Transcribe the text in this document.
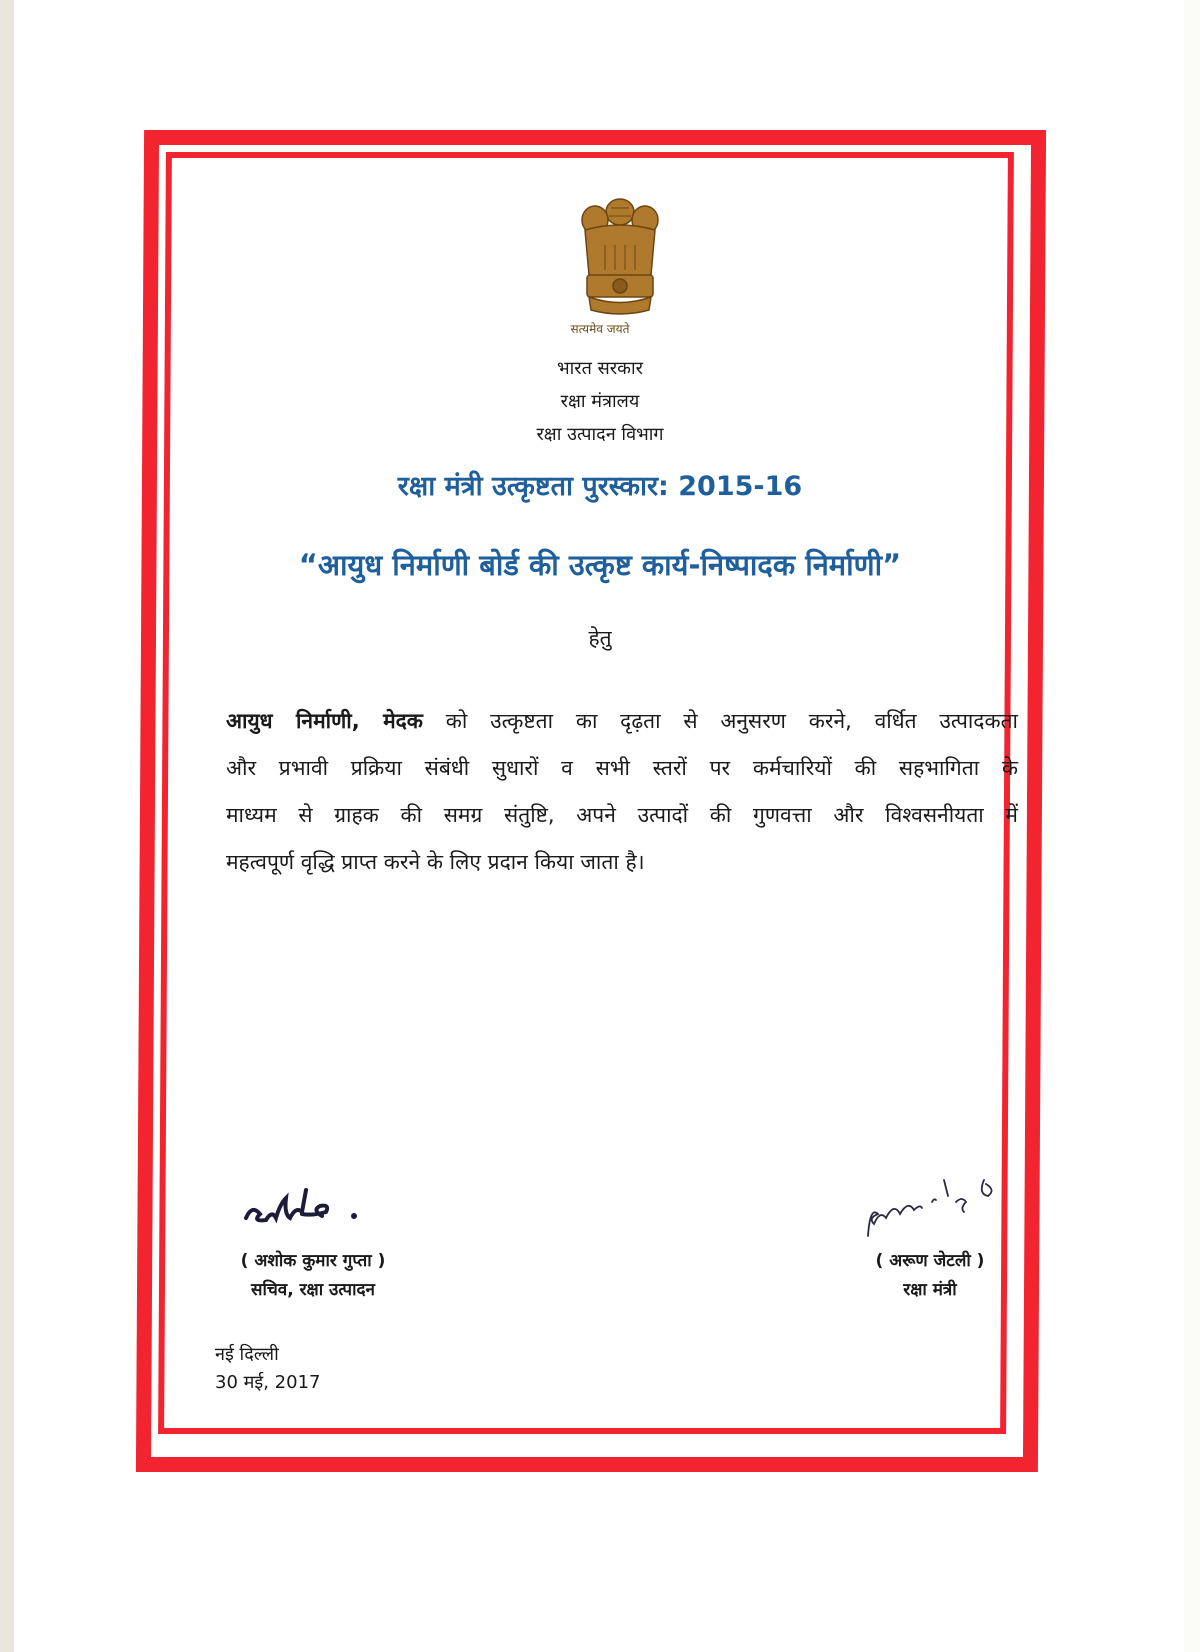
सत्यमेव जयते
भारत सरकार
रक्षा मंत्रालय
रक्षा उत्पादन विभाग
रक्षा मंत्री उत्कृष्टता पुरस्कार: 2015-16
“आयुध निर्माणी बोर्ड की उत्कृष्ट कार्य-निष्पादक निर्माणी”
हेतु
आयुध निर्माणी, मेदक को उत्कृष्टता का दृढ़ता से अनुसरण करने, वर्धित उत्पादकता
और प्रभावी प्रक्रिया संबंधी सुधारों व सभी स्तरों पर कर्मचारियों की सहभागिता के
माध्यम से ग्राहक की समग्र संतुष्टि, अपने उत्पादों की गुणवत्ता और विश्वसनीयता में
महत्वपूर्ण वृद्धि प्राप्त करने के लिए प्रदान किया जाता है।
( अशोक कुमार गुप्ता )
सचिव, रक्षा उत्पादन
( अरूण जेटली )
रक्षा मंत्री
नई दिल्ली
30 मई, 2017
